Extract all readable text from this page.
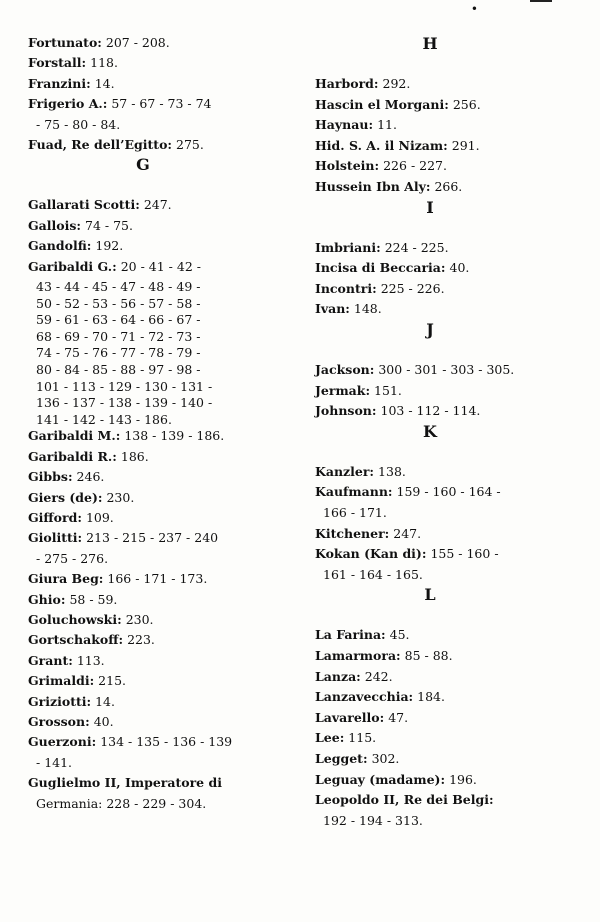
•
Fortunato: 207 - 208.
Forstall: 118.
Franzini: 14.
Frigerio A.: 57 - 67 - 73 - 74
- 75 - 80 - 84.
Fuad, Re dell’Egitto: 275.
G
Gallarati Scotti: 247.
Gallois: 74 - 75.
Gandolfi: 192.
Garibaldi G.: 20 - 41 - 42 -
43 - 44 - 45 - 47 - 48 - 49 -
50 - 52 - 53 - 56 - 57 - 58 -
59 - 61 - 63 - 64 - 66 - 67 -
68 - 69 - 70 - 71 - 72 - 73 -
74 - 75 - 76 - 77 - 78 - 79 -
80 - 84 - 85 - 88 - 97 - 98 -
101 - 113 - 129 - 130 - 131 -
136 - 137 - 138 - 139 - 140 -
141 - 142 - 143 - 186.
Garibaldi M.: 138 - 139 - 186.
Garibaldi R.: 186.
Gibbs: 246.
Giers (de): 230.
Gifford: 109.
Giolitti: 213 - 215 - 237 - 240
- 275 - 276.
Giura Beg: 166 - 171 - 173.
Ghio: 58 - 59.
Goluchowski: 230.
Gortschakoff: 223.
Grant: 113.
Grimaldi: 215.
Griziotti: 14.
Grosson: 40.
Guerzoni: 134 - 135 - 136 - 139
- 141.
Guglielmo II, Imperatore di
Germania: 228 - 229 - 304.
H
Harbord: 292.
Hascin el Morgani: 256.
Haynau: 11.
Hid. S. A. il Nizam: 291.
Holstein: 226 - 227.
Hussein Ibn Aly: 266.
I
Imbriani: 224 - 225.
Incisa di Beccaria: 40.
Incontri: 225 - 226.
Ivan: 148.
J
Jackson: 300 - 301 - 303 - 305.
Jermak: 151.
Johnson: 103 - 112 - 114.
K
Kanzler: 138.
Kaufmann: 159 - 160 - 164 -
166 - 171.
Kitchener: 247.
Kokan (Kan di): 155 - 160 -
161 - 164 - 165.
L
La Farina: 45.
Lamarmora: 85 - 88.
Lanza: 242.
Lanzavecchia: 184.
Lavarello: 47.
Lee: 115.
Legget: 302.
Leguay (madame): 196.
Leopoldo II, Re dei Belgi:
192 - 194 - 313.
